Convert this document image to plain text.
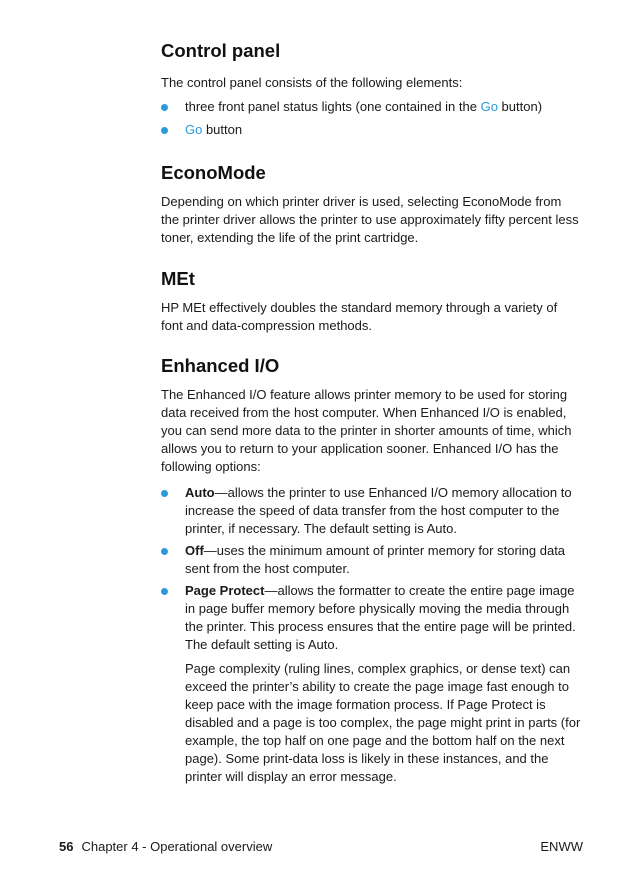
Control panel

The control panel consists of the following elements:

three front panel status lights (one contained in the Go button)
Go button
EconoMode

Depending on which printer driver is used, selecting EconoMode from the printer driver allows the printer to use approximately fifty percent less toner, extending the life of the print cartridge.

MEt

HP MEt effectively doubles the standard memory through a variety of font and data-compression methods.

Enhanced I/O

The Enhanced I/O feature allows printer memory to be used for storing data received from the host computer. When Enhanced I/O is enabled, you can send more data to the printer in shorter amounts of time, which allows you to return to your application sooner. Enhanced I/O has the following options:

Auto—allows the printer to use Enhanced I/O memory allocation to increase the speed of data transfer from the host computer to the printer, if necessary. The default setting is Auto.
Off—uses the minimum amount of printer memory for storing data sent from the host computer.
Page Protect—allows the formatter to create the entire page image in page buffer memory before physically moving the media through the printer. This process ensures that the entire page will be printed. The default setting is Auto.

Page complexity (ruling lines, complex graphics, or dense text) can exceed the printer’s ability to create the page image fast enough to keep pace with the image formation process. If Page Protect is disabled and a page is too complex, the page might print in parts (for example, the top half on one page and the bottom half on the next page). Some print-data loss is likely in these instances, and the printer will display an error message.

56 Chapter 4 - Operational overview	ENWW
